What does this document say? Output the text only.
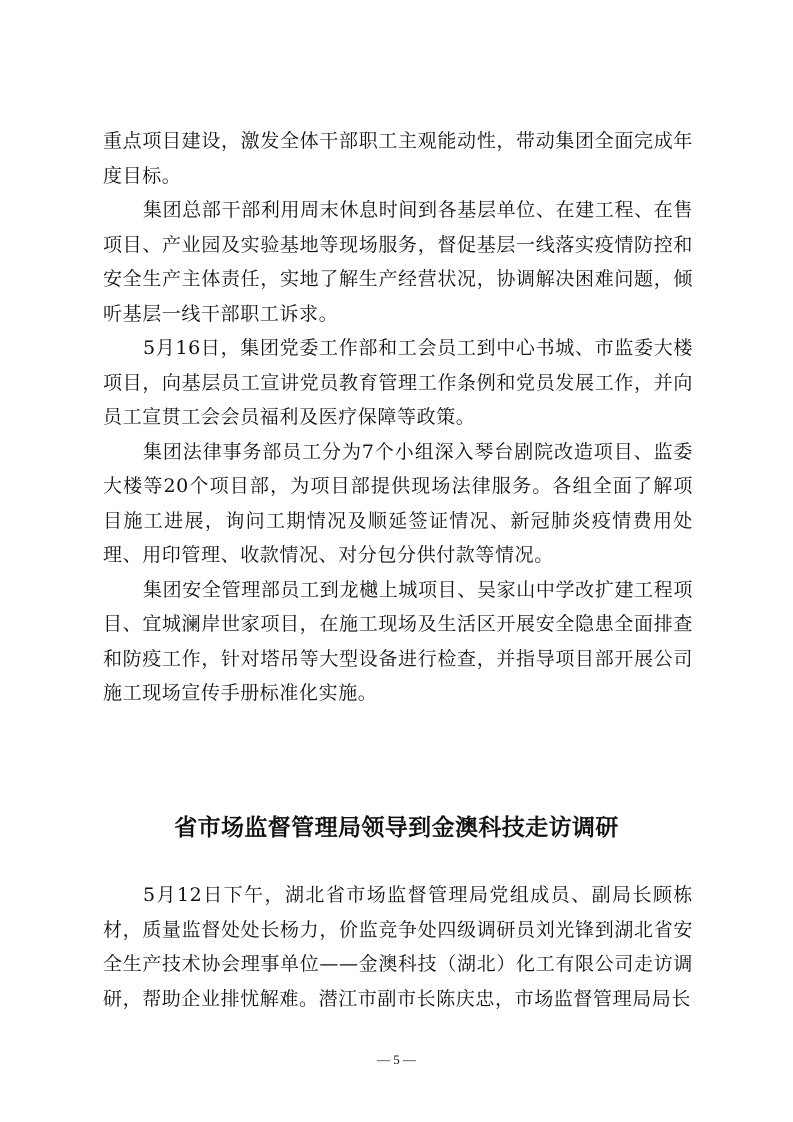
重点项目建设，激发全体干部职工主观能动性，带动集团全面完成年度目标。

集团总部干部利用周末休息时间到各基层单位、在建工程、在售项目、产业园及实验基地等现场服务，督促基层一线落实疫情防控和安全生产主体责任，实地了解生产经营状况，协调解决困难问题，倾听基层一线干部职工诉求。

5月16日，集团党委工作部和工会员工到中心书城、市监委大楼项目，向基层员工宣讲党员教育管理工作条例和党员发展工作，并向员工宣贯工会会员福利及医疗保障等政策。

集团法律事务部员工分为7个小组深入琴台剧院改造项目、监委大楼等20个项目部，为项目部提供现场法律服务。各组全面了解项目施工进展，询问工期情况及顺延签证情况、新冠肺炎疫情费用处理、用印管理、收款情况、对分包分供付款等情况。

集团安全管理部员工到龙樾上城项目、吴家山中学改扩建工程项目、宜城澜岸世家项目，在施工现场及生活区开展安全隐患全面排查和防疫工作，针对塔吊等大型设备进行检查，并指导项目部开展公司施工现场宣传手册标准化实施。

省市场监督管理局领导到金澳科技走访调研

5月12日下午，湖北省市场监督管理局党组成员、副局长顾栋材，质量监督处处长杨力，价监竞争处四级调研员刘光锋到湖北省安全生产技术协会理事单位——金澳科技（湖北）化工有限公司走访调研，帮助企业排忧解难。潜江市副市长陈庆忠，市场监督管理局局长

— 5 —
